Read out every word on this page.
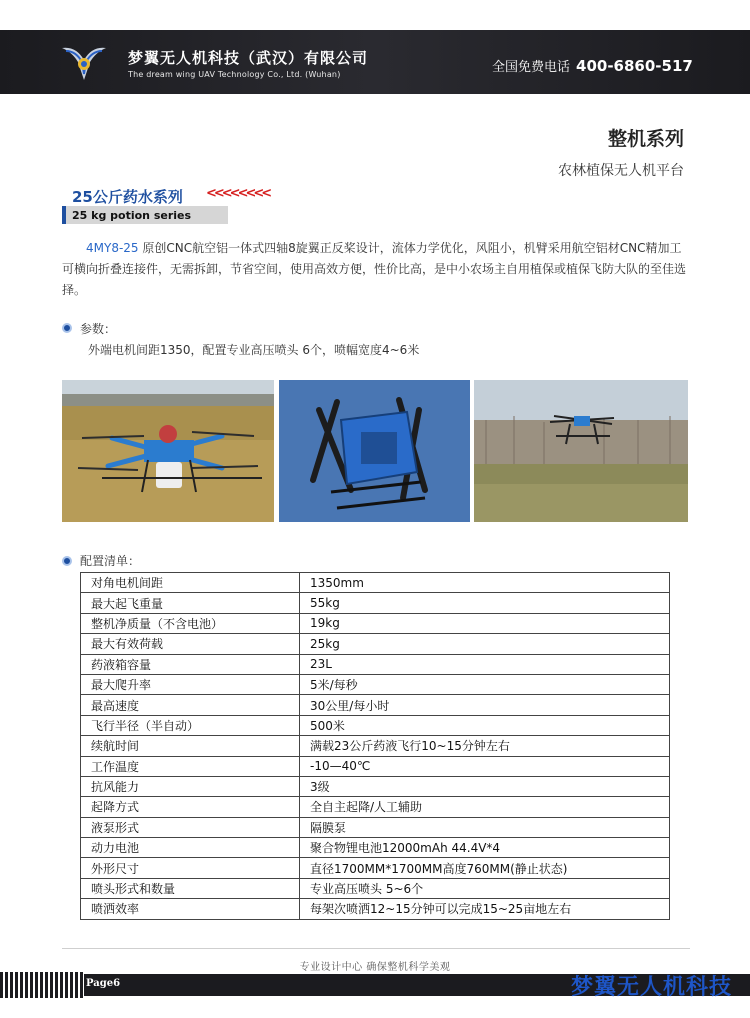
梦翼无人机科技（武汉）有限公司
The dream wing UAV Technology Co., Ltd. (Wuhan)	全国免费电话 400-6860-517
整机系列
农林植保无人机平台
25公斤药水系列 <<<<<<<<
25 kg potion series
4MY8-25 原创CNC航空铝一体式四轴8旋翼正反桨设计，流体力学优化，风阻小，机臂采用航空铝材CNC精加工可横向折叠连接件，无需拆卸，节省空间，使用高效方便，性价比高，是中小农场主自用植保或植保飞防大队的至佳选择。
参数：
外端电机间距1350，配置专业高压喷头 6个，喷幅宽度4~6米
配置清单：
对角电机间距	1350mm
最大起飞重量	55kg
整机净质量（不含电池）	19kg
最大有效荷载	25kg
药液箱容量	23L
最大爬升率	5米/每秒
最高速度	30公里/每小时
飞行半径（半自动）	500米
续航时间	满载23公斤药液飞行10~15分钟左右
工作温度	-10—40℃
抗风能力	3级
起降方式	全自主起降/人工辅助
液泵形式	隔膜泵
动力电池	聚合物锂电池12000mAh 44.4V*4
外形尺寸	直径1700MM*1700MM高度760MM(静止状态)
喷头形式和数量	专业高压喷头 5~6个
喷洒效率	每架次喷洒12~15分钟可以完成15~25亩地左右
专业设计中心 确保整机科学美观
Page6	梦翼无人机科技
